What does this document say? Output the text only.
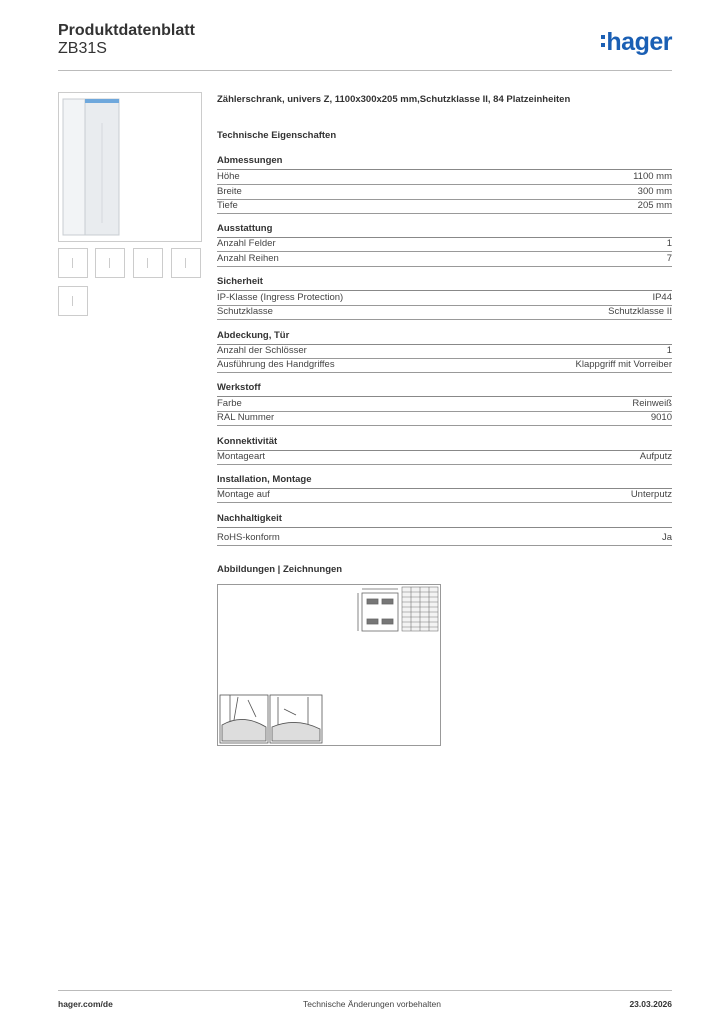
Produktdatenblatt
ZB31S	hager
Zählerschrank, univers Z, 1100x300x205 mm,Schutzklasse II, 84 Platzeinheiten
Technische Eigenschaften
Abmessungen
Höhe	1100 mm
Breite	300 mm
Tiefe	205 mm
Ausstattung
Anzahl Felder	1
Anzahl Reihen	7
Sicherheit
IP-Klasse (Ingress Protection)	IP44
Schutzklasse	Schutzklasse II
Abdeckung, Tür
Anzahl der Schlösser	1
Ausführung des Handgriffes	Klappgriff mit Vorreiber
Werkstoff
Farbe	Reinweiß
RAL Nummer	9010
Konnektivität
Montageart	Aufputz
Installation, Montage
Montage auf	Unterputz
Nachhaltigkeit
RoHS-konform	Ja
Abbildungen | Zeichnungen
hager.com/de	Technische Änderungen vorbehalten	23.03.2026
